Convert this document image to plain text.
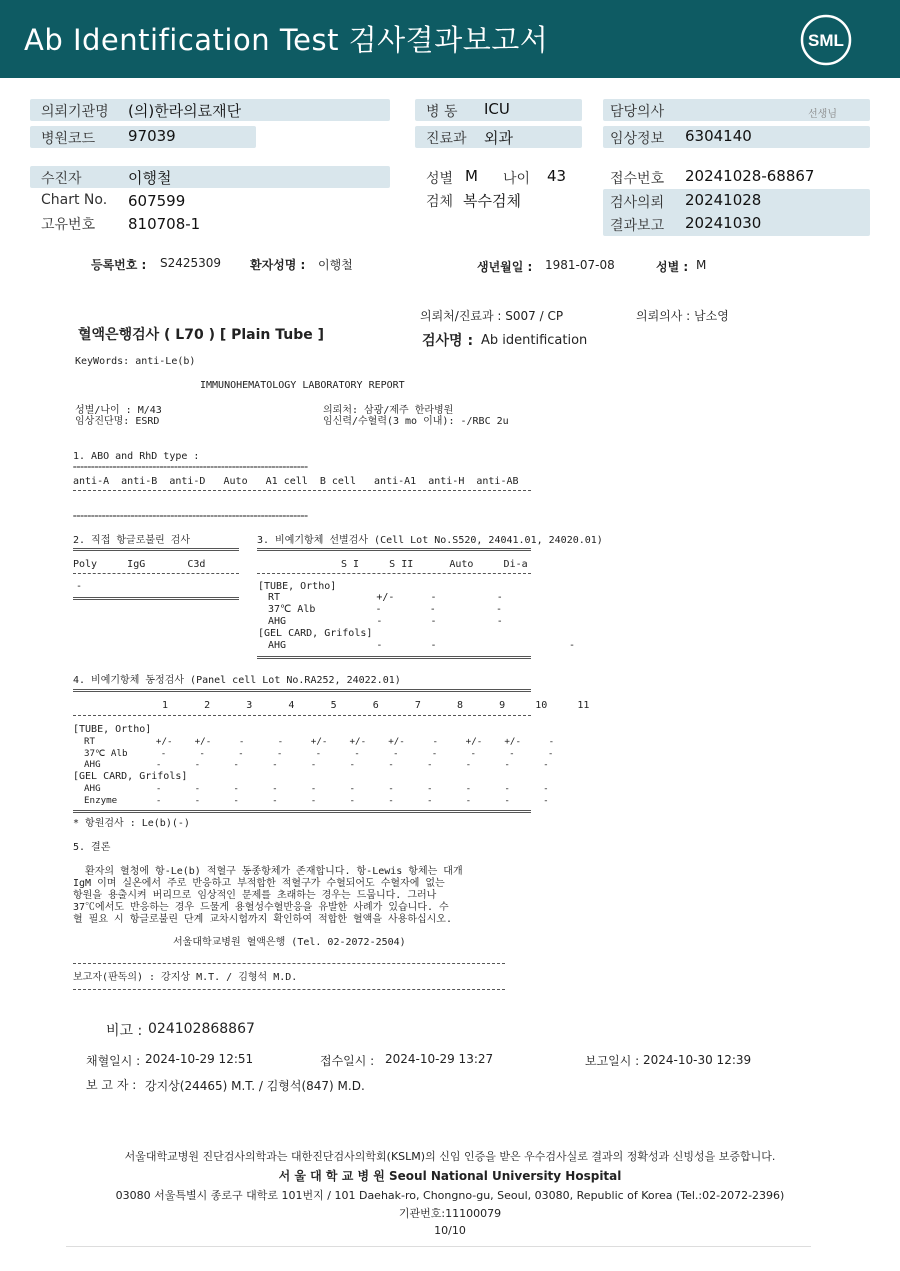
Ab Identification Test 검사결과보고서	SML
의뢰기관명 (의)한라의료재단
병원코드 97039
수진자	이행철
Chart No. 607599
고유번호 810708-1
병 동 ICU
진료과 외과
성별 M 나이 43
검체 복수검체
담당의사	선생님
임상정보 6304140
접수번호 20241028-68867
검사의뢰 20241028
결과보고 20241030
등록번호 : S2425309 환자성명 : 이행철	생년월일 : 1981-07-08	성별 : M
의뢰처/진료과 : S007 / CP	의뢰의사 : 남소영
혈액은행검사 ( L70 ) [ Plain Tube ]	검사명 : Ab identification
KeyWords: anti-Le(b)
IMMUNOHEMATOLOGY LABORATORY REPORT
성별/나이 : M/43
임상진단명: ESRD
의뢰처: 삼광/제주 한라병원
임신력/수혈력(3 mo 이내): -/RBC 2u
1. ABO and RhD type :
=================================================================
anti-A  anti-B  anti-D   Auto   A1 cell  B cell   anti-A1  anti-H  anti-AB
=================================================================
2. 직접 항글로불린 검사
Poly     IgG       C3d
-
3. 비예기항체 선별검사 (Cell Lot No.S520, 24041.01, 24020.01)
S I     S II      Auto     Di-a
[TUBE, Ortho]
RT                +/-      -          -
37℃ Alb          -        -          -
AHG               -        -          -
[GEL CARD, Grifols]
AHG               -        -                      -
4. 비예기항체 동정검사 (Panel cell Lot No.RA252, 24022.01)
1      2      3      4      5      6      7      8      9     10     11
[TUBE, Ortho]
RT           +/-    +/-     -      -     +/-    +/-    +/-     -     +/-    +/-     -
37℃ Alb      -      -      -      -      -      -      -      -      -      -      -
AHG          -      -      -      -      -      -      -      -      -      -      -
[GEL CARD, Grifols]
AHG          -      -      -      -      -      -      -      -      -      -      -
Enzyme       -      -      -      -      -      -      -      -      -      -      -
* 항원검사 : Le(b)(-)
5. 결론
환자의 혈청에 항-Le(b) 적혈구 동종항체가 존재합니다. 항-Lewis 항체는 대개
IgM 이며 실온에서 주로 반응하고 부적합한 적혈구가 수혈되어도 수혈자에 없는
항원을 용출시켜 버리므로 임상적인 문제를 초래하는 경우는 드뭅니다. 그러나
37℃에서도 반응하는 경우 드물게 용혈성수혈반응을 유발한 사례가 있습니다. 수
혈 필요 시 항글로불린 단계 교차시험까지 확인하여 적합한 혈액을 사용하십시오.
서울대학교병원 혈액은행 (Tel. 02-2072-2504)
보고자(판독의) : 강지상 M.T. / 김형석 M.D.
비고 : 024102868867
채혈일시 : 2024-10-29 12:51	접수일시 : 2024-10-29 13:27	보고일시 : 2024-10-30 12:39
보 고 자 : 강지상(24465) M.T. / 김형석(847) M.D.
서울대학교병원 진단검사의학과는 대한진단검사의학회(KSLM)의 신임 인증을 받은 우수검사실로 결과의 정확성과 신빙성을 보증합니다.
서 울 대 학 교 병 원 Seoul National University Hospital
03080 서울특별시 종로구 대학로 101번지 / 101 Daehak-ro, Chongno-gu, Seoul, 03080, Republic of Korea (Tel.:02-2072-2396)
기관번호:11100079
10/10
